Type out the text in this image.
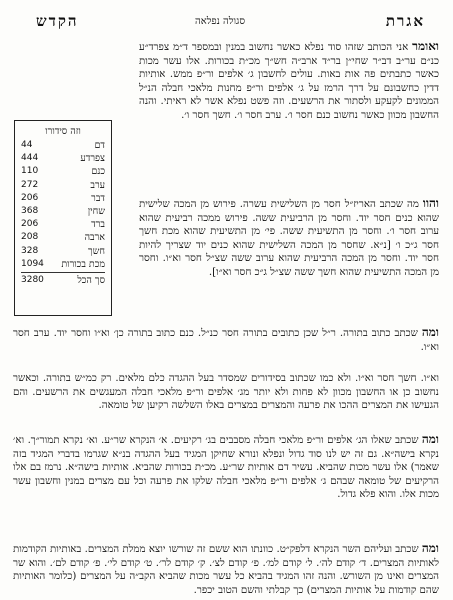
אגרת
סגולה נפלאה
הקדש
ואומר אני הכותב שזהו סוד נפלא כאשר נחשוב במנין ובמספר ד״מ צפרד״ע כנ״ם ער״ב דב״ר שחי״ן בר״ד ארב״ה חש״ך מכ״ת בכורות. אלו עשר מכות כאשר כתבתים פה אות באות. עולים לחשבון ג׳ אלפים ור״פ ממש. אותיות דדין כחשבונם על דרך הרמז על ג׳ אלפים ור״פ מחנות מלאכי חבלה הנ״ל הממונים לקעקע ולסתור את הרשעים. וזה פשט נפלא אשר לא ראיתי. והנה החשבון מכוון כאשר נחשוב כנם חסר ו׳. ערב חסר ו׳. חשך חסר ו׳.
והוו מה שכתב האריז״ל חסר מן השלישית עשרה. פירוש מן המכה שלישית שהוא כנים חסר יוד. וחסר מן הרביעית ששה. פירוש ממכה רביעית שהוא ערוב חסר ו׳. וחסר מן התשיעית ששה. פי׳ מן התשיעית שהוא מכת חשך חסר ג״כ ו׳ [נ״א. שחסר מן המכה השלישית שהוא כנים יוד שצריך להיות חסר יוד. וחסר מן המכה הרביעית שהוא ערוב ששה שצ״ל חסר וא״ו. וחסר מן המכה התשיעית שהוא חשך ששה שצ״ל ג״כ חסר וא״ו].
ומה שכתב כתוב בתורה. ר״ל שכן כתובים בתורה חסר כנ״ל. כנם כתוב בתורה כן׳ וא״ו וחסר יוד. ערב חסר וא״ו.
וא״ו. חשך חסר וא״ו. ולא כמו שכתוב בסידורים שמסדר בעל ההגדה כלם מלאים. רק כמ״ש בתורה. וכאשר נחשוב כן או החשבון מכוון לא פחות ולא יותר מג׳ אלפים ור״פ מלאכי חבלה המעגשים את הרשעים. והם הגעישו את המצרים ההכו את פרעה והמצרים במצרים באלו השלשה רקיען של טומאה.
ומה שכתב שאלו הג׳ אלפים ור״פ מלאכי חבלה מסבבים בג׳ רקיעים. א׳ הנקרא שר״ע. וא׳ נקרא תמור״ך. וא׳ נקרא בישה״א. גם זה יש לנו סוד גדול ונפלא ונורא שחיקן המגיד בעל ההגדה בנ״א שגרמו בדברי המגיד בזה שאמר) אלו עשר מכות שהביא. עשיר דם אותיות שר״ע. מכ״ת בכורות שהביא. אותיות בישה״א. נרמז בם אלו הרקיעים של טומאה שבהם ג׳ אלפים ור״פ מלאכי חבלה שלקו את פרעה וכל עם מצרים במנין וחשבון עשר מכות אלו. והוא פלא גדול.
ומה שכתב ועליהם השר הנקרא דלפק״ט. כוונתו הוא ששם זה שורשו יוצא ממלת המצרים. באותיות הקודמות לאותיות המצרים. ד׳ קודם לה׳. ל׳ קודם למ׳. פ׳ קודם לצ׳. ק׳ קודם לר׳. ט׳ קודם לי׳. פ׳ קודם לם׳. והוא שר המצרים ואינו מן השורש. והנה זהו המגיד בהביא כל עשר מכות שהביא הקב״ה על המצרים (כלומר האותיות שהם קודמות על אותיות המצרים) כך קבלתי והשם הטוב יכפר.
וזה סידורו
דם
44
צפרדע
444
כנם
110
ערב
272
דבר
206
שחין
368
ברד
206
ארבה
208
חשך
328
מכת בכורות
1094
סך הכל
3280
